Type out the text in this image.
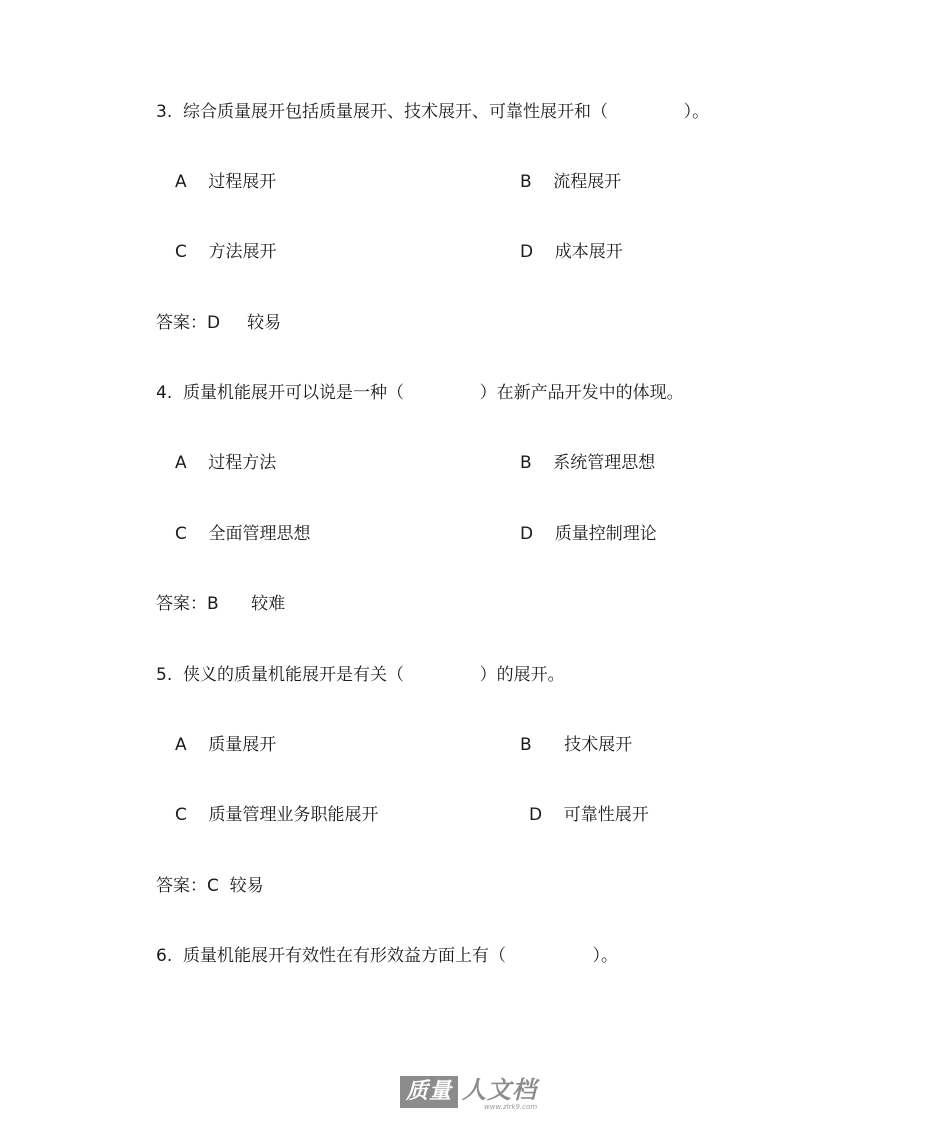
3.  综合质量展开包括质量展开、技术展开、可靠性展开和（              ）。
A    过程展开	B    流程展开
C    方法展开	D    成本展开
答案：D     较易
4.  质量机能展开可以说是一种（              ）在新产品开发中的体现。
A    过程方法	B    系统管理思想
C    全面管理思想	D    质量控制理论
答案：B      较难
5.  侠义的质量机能展开是有关（              ）的展开。
A    质量展开	B      技术展开
C    质量管理业务职能展开	D    可靠性展开
答案：C  较易
6.  质量机能展开有效性在有形效益方面上有（                ）。
质量 人文档
www.zlrk9.com
